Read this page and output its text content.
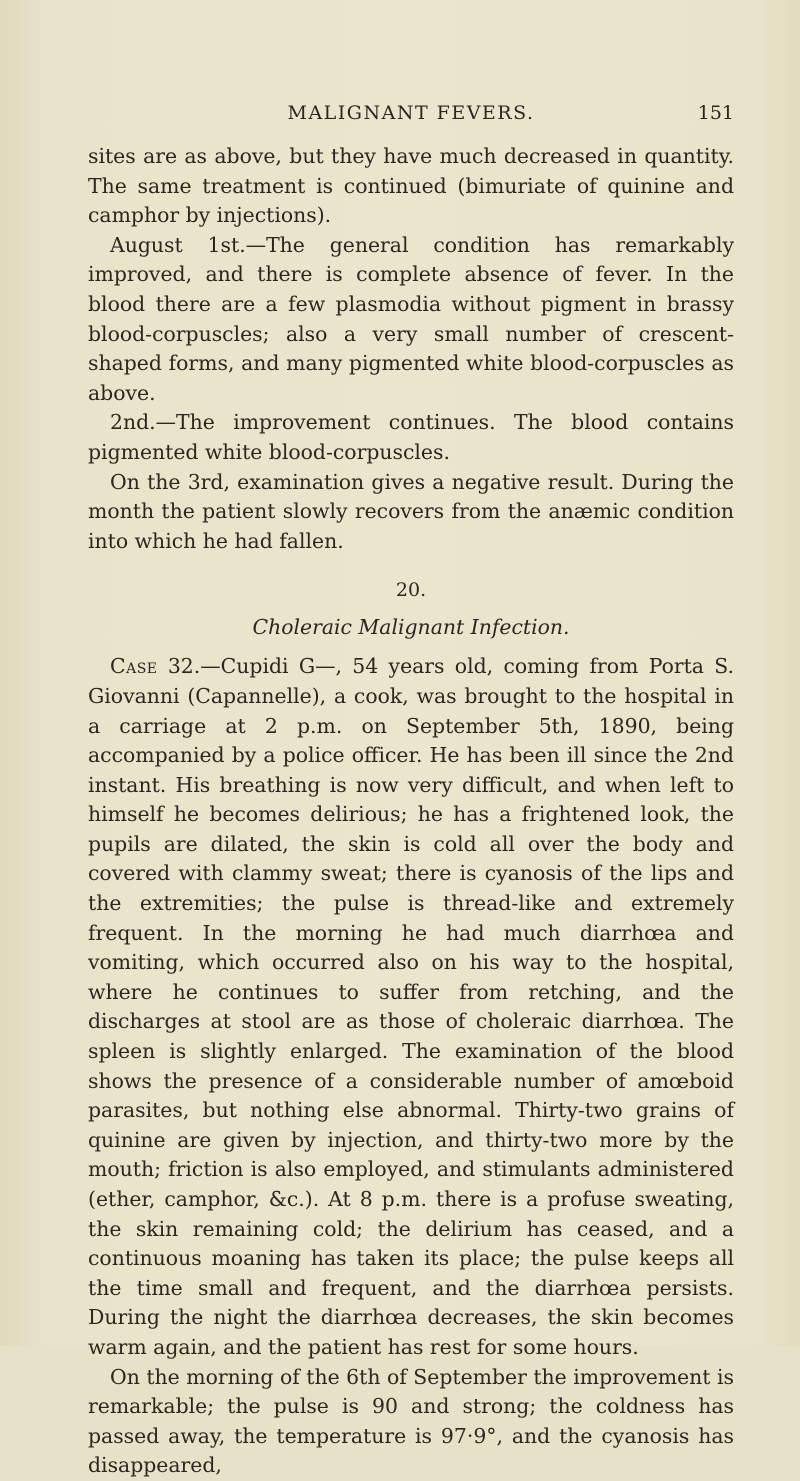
MALIGNANT FEVERS.	151

sites are as above, but they have much decreased in quantity. The same treatment is continued (bimuriate of quinine and camphor by injections).

August 1st.—The general condition has remarkably improved, and there is complete absence of fever. In the blood there are a few plasmodia without pigment in brassy blood-corpuscles; also a very small number of crescent-shaped forms, and many pigmented white blood-corpuscles as above.

2nd.—The improvement continues. The blood contains pigmented white blood-corpuscles.

On the 3rd, examination gives a negative result. During the month the patient slowly recovers from the anæmic condition into which he had fallen.

20.
Choleraic Malignant Infection.

Case 32.—Cupidi G—, 54 years old, coming from Porta S. Giovanni (Capannelle), a cook, was brought to the hospital in a carriage at 2 p.m. on September 5th, 1890, being accompanied by a police officer. He has been ill since the 2nd instant. His breathing is now very difficult, and when left to himself he becomes delirious; he has a frightened look, the pupils are dilated, the skin is cold all over the body and covered with clammy sweat; there is cyanosis of the lips and the extremities; the pulse is thread-like and extremely frequent. In the morning he had much diarrhœa and vomiting, which occurred also on his way to the hospital, where he continues to suffer from retching, and the discharges at stool are as those of choleraic diarrhœa. The spleen is slightly enlarged. The examination of the blood shows the presence of a considerable number of amœboid parasites, but nothing else abnormal. Thirty-two grains of quinine are given by injection, and thirty-two more by the mouth; friction is also employed, and stimulants administered (ether, camphor, &c.). At 8 p.m. there is a profuse sweating, the skin remaining cold; the delirium has ceased, and a continuous moaning has taken its place; the pulse keeps all the time small and frequent, and the diarrhœa persists. During the night the diarrhœa decreases, the skin becomes warm again, and the patient has rest for some hours.

On the morning of the 6th of September the improvement is remarkable; the pulse is 90 and strong; the coldness has passed away, the temperature is 97·9°, and the cyanosis has disappeared,
